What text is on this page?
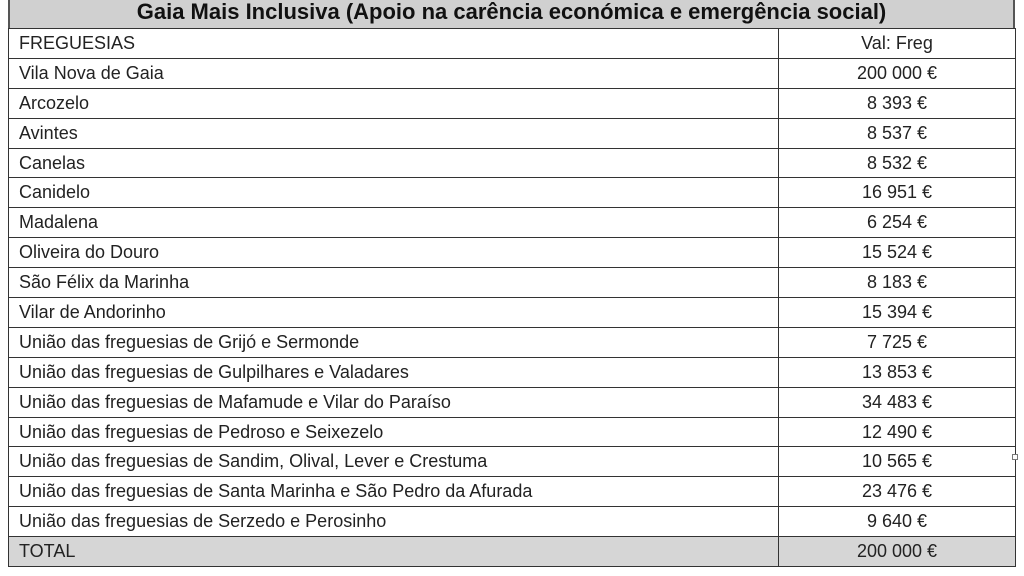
Gaia Mais Inclusiva (Apoio na carência económica e emergência social)
FREGUESIAS	Val: Freg
Vila Nova de Gaia	200 000 €
Arcozelo	8 393 €
Avintes	8 537 €
Canelas	8 532 €
Canidelo	16 951 €
Madalena	6 254 €
Oliveira do Douro	15 524 €
São Félix da Marinha	8 183 €
Vilar de Andorinho	15 394 €
União das freguesias de Grijó e Sermonde	7 725 €
União das freguesias de Gulpilhares e Valadares	13 853 €
União das freguesias de Mafamude e Vilar do Paraíso	34 483 €
União das freguesias de Pedroso e Seixezelo	12 490 €
União das freguesias de Sandim, Olival, Lever e Crestuma	10 565 €
União das freguesias de Santa Marinha e São Pedro da Afurada	23 476 €
União das freguesias de Serzedo e Perosinho	9 640 €
TOTAL	200 000 €
